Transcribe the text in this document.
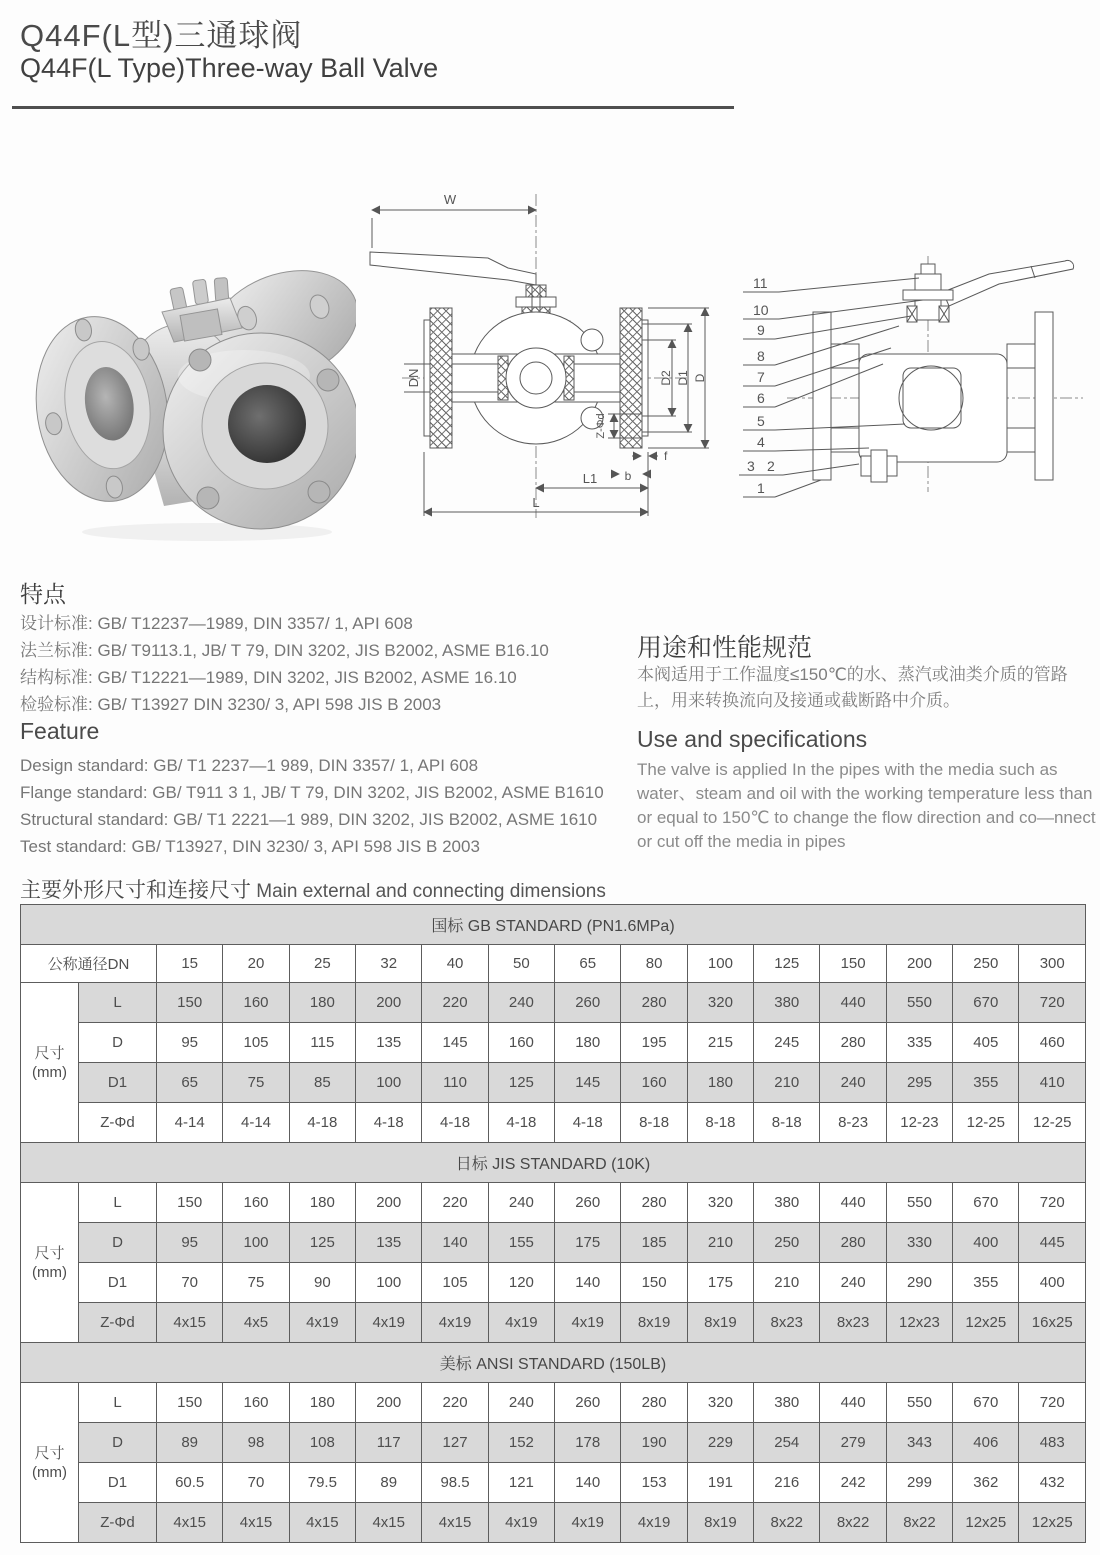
Q44F(L型)三通球阀
Q44F(L Type)Three-way Ball Valve
W
DN	D2 D1 D
Z-Φd
f
b
L1
L
11
10
9
8
7
6
5
4
3 2
1
特点
设计标准: GB/ T12237—1989, DIN 3357/ 1, API 608
法兰标准: GB/ T9113.1, JB/ T 79, DIN 3202, JIS B2002, ASME B16.10
结构标准: GB/ T12221—1989, DIN 3202, JIS B2002, ASME 16.10
检验标准: GB/ T13927 DIN 3230/ 3, API 598 JIS B 2003
Feature
Design standard: GB/ T1 2237—1 989, DIN 3357/ 1, API 608
Flange standard: GB/ T911 3 1, JB/ T 79, DIN 3202, JIS B2002, ASME B1610
Structural standard: GB/ T1 2221—1 989, DIN 3202, JIS B2002, ASME 1610
Test standard: GB/ T13927, DIN 3230/ 3, API 598 JIS B 2003
用途和性能规范
本阀适用于工作温度≤150℃的水、蒸汽或油类介质的管路上，用来转换流向及接通或截断路中介质。
Use and specifications
The valve is applied In the pipes with the media such as water、steam and oil with the working temperature less than or equal to 150℃ to change the flow direction and co—nnect or cut off the media in pipes
主要外形尺寸和连接尺寸 Main external and connecting dimensions
国标 GB STANDARD (PN1.6MPa)															
公称通径DN		15	20	25	32	40	50	65	80	100	125	150	200	250	300

尺寸
(mm)	L	150	160	180	200	220	240	260	280	320	380	440	550	670	720
	D	95	105	115	135	145	160	180	195	215	245	280	335	405	460
	D1	65	75	85	100	110	125	145	160	180	210	240	295	355	410
	Z-Φd	4-14	4-14	4-18	4-18	4-18	4-18	4-18	8-18	8-18	8-18	8-23	12-23	12-25	12-25
日标 JIS STANDARD (10K)															

尺寸
(mm)	L	150	160	180	200	220	240	260	280	320	380	440	550	670	720
	D	95	100	125	135	140	155	175	185	210	250	280	330	400	445
	D1	70	75	90	100	105	120	140	150	175	210	240	290	355	400
	Z-Φd	4x15	4x5	4x19	4x19	4x19	4x19	4x19	8x19	8x19	8x23	8x23	12x23	12x25	16x25
美标 ANSI STANDARD (150LB)															

尺寸
(mm)	L	150	160	180	200	220	240	260	280	320	380	440	550	670	720
	D	89	98	108	117	127	152	178	190	229	254	279	343	406	483
	D1	60.5	70	79.5	89	98.5	121	140	153	191	216	242	299	362	432
	Z-Φd	4x15	4x15	4x15	4x15	4x15	4x19	4x19	4x19	8x19	8x22	8x22	8x22	12x25	12x25
